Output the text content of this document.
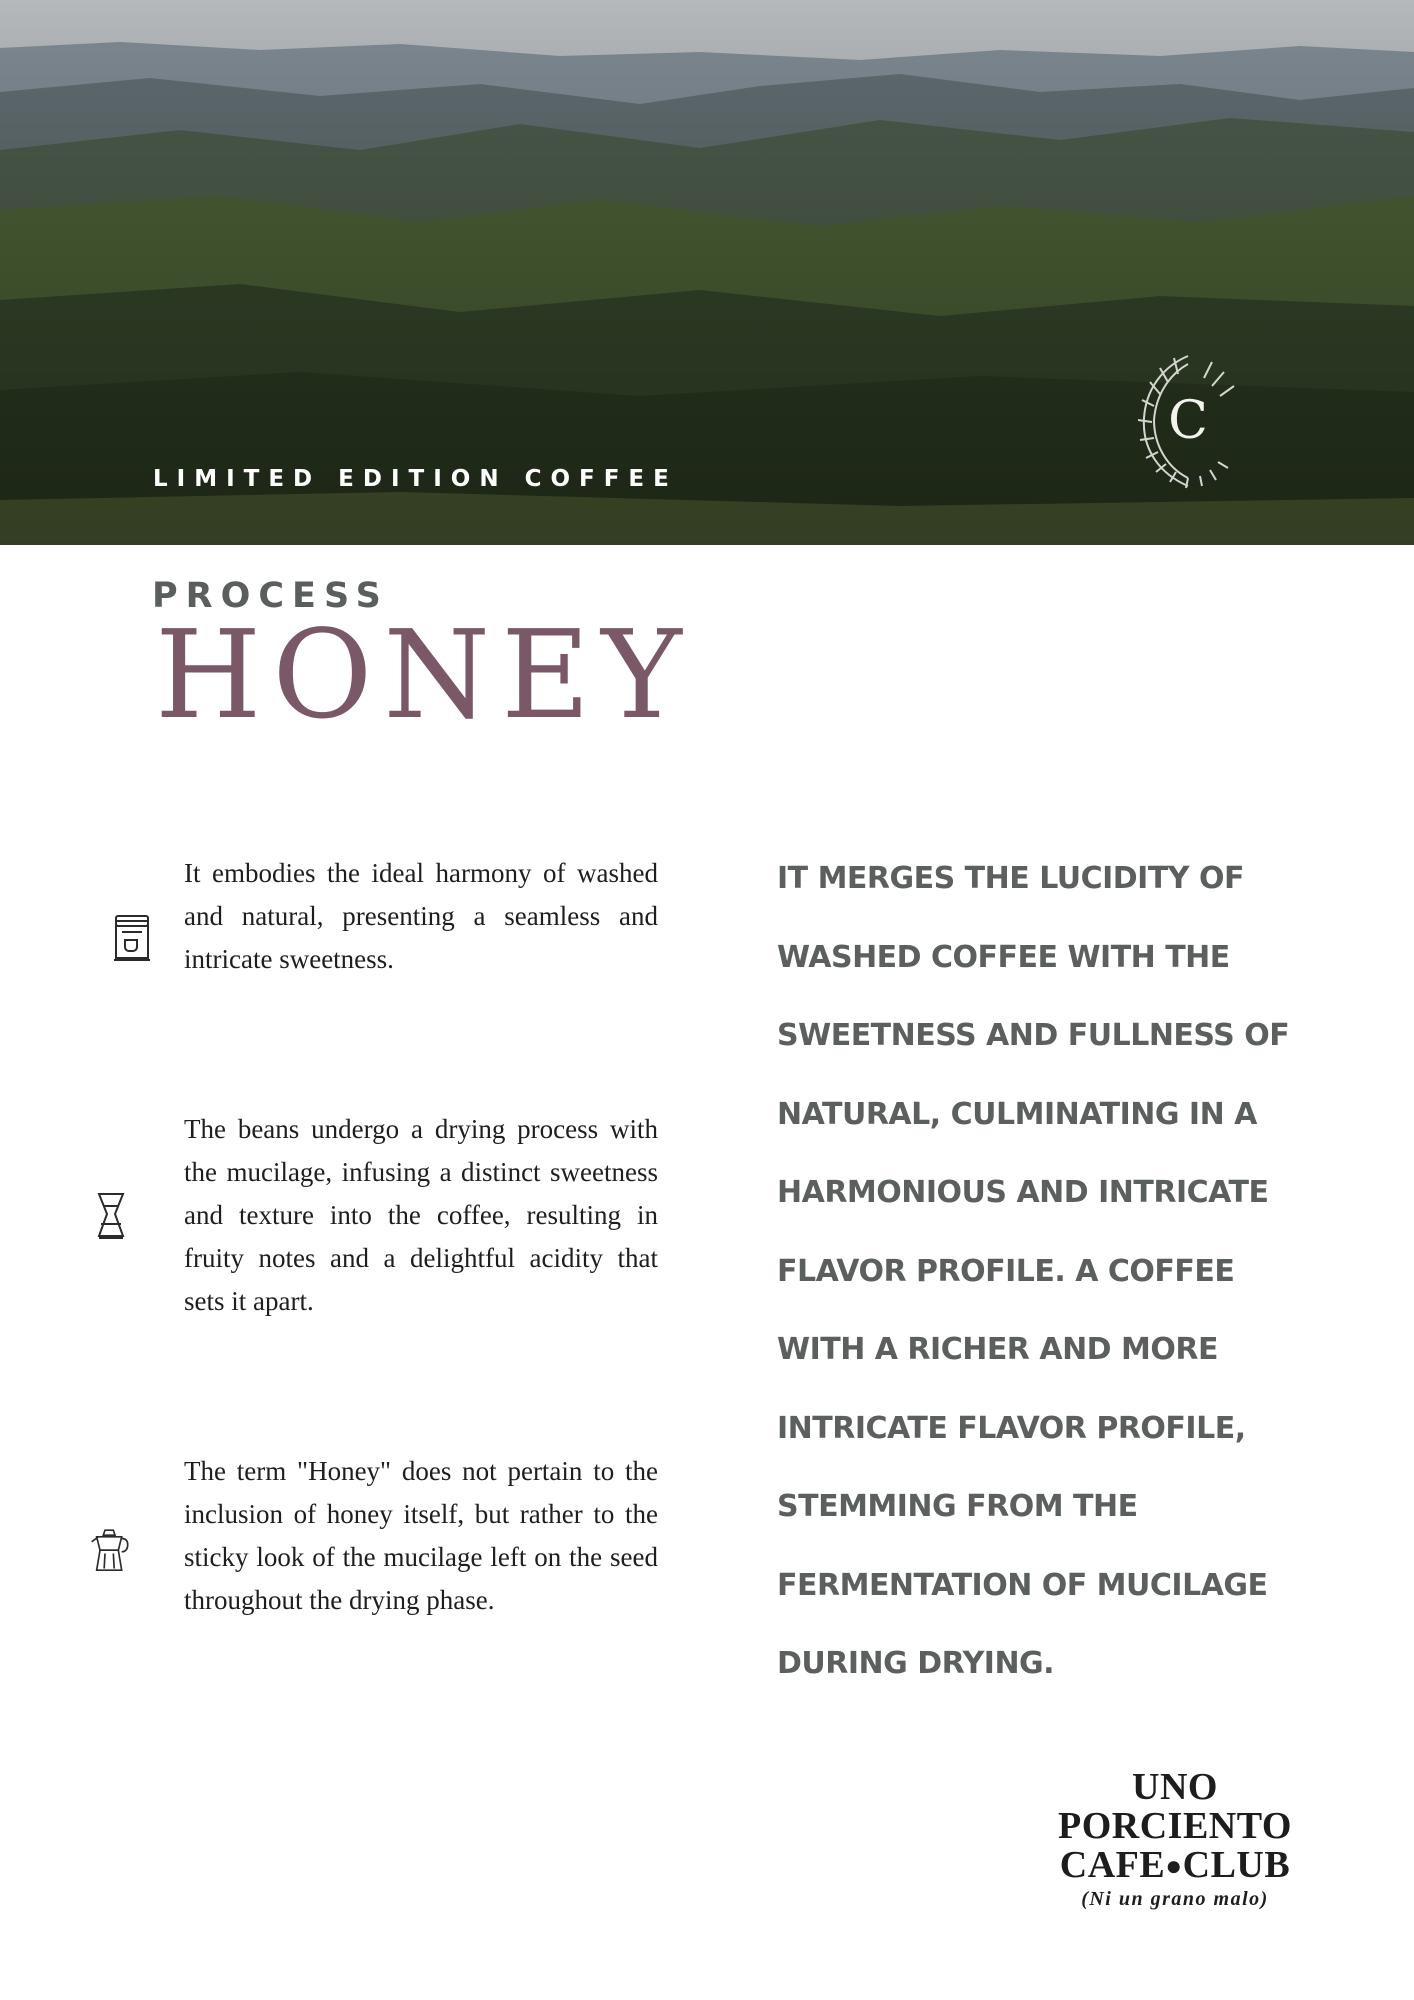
LIMITED EDITION COFFEE
C
PROCESS
HONEY

It embodies the ideal harmony of washed and natural, presenting a seamless and intricate sweetness.

The beans undergo a drying process with the mucilage, infusing a distinct sweetness and texture into the coffee, resulting in fruity notes and a delightful acidity that sets it apart.

The term "Honey" does not pertain to the inclusion of honey itself, but rather to the sticky look of the mucilage left on the seed throughout the drying phase.

IT MERGES THE LUCIDITY OF
WASHED COFFEE WITH THE
SWEETNESS AND FULLNESS OF
NATURAL, CULMINATING IN A
HARMONIOUS AND INTRICATE
FLAVOR PROFILE. A COFFEE
WITH A RICHER AND MORE
INTRICATE FLAVOR PROFILE,
STEMMING FROM THE
FERMENTATION OF MUCILAGE
DURING DRYING.
UNO
PORCIENTO
CAFE●CLUB
(Ni un grano malo)
